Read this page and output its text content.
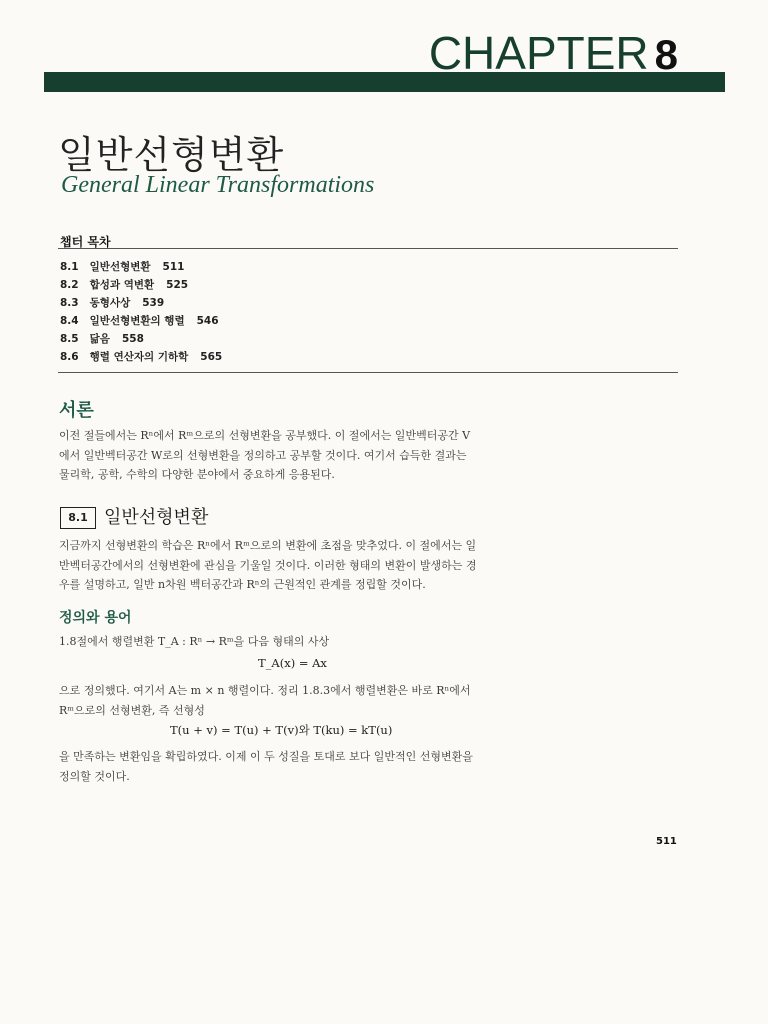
CHAPTER 8
일반선형변환
General Linear Transformations
챕터 목차
8.1 일반선형변환 511
8.2 합성과 역변환 525
8.3 동형사상 539
8.4 일반선형변환의 행렬 546
8.5 닮음 558
8.6 행렬 연산자의 기하학 565
서론

이전 절들에서는 Rⁿ에서 Rᵐ으로의 선형변환을 공부했다. 이 절에서는 일반벡터공간 V

에서 일반벡터공간 W로의 선형변환을 정의하고 공부할 것이다. 여기서 습득한 결과는

물리학, 공학, 수학의 다양한 분야에서 중요하게 응용된다.

8.1 일반선형변환

지금까지 선형변환의 학습은 Rⁿ에서 Rᵐ으로의 변환에 초점을 맞추었다. 이 절에서는 일

반벡터공간에서의 선형변환에 관심을 기울일 것이다. 이러한 형태의 변환이 발생하는 경

우를 설명하고, 일반 n차원 벡터공간과 Rⁿ의 근원적인 관계를 정립할 것이다.

정의와 용어

1.8절에서 행렬변환 T_A : Rⁿ → Rᵐ을 다음 형태의 사상

T_A(x) = Ax

으로 정의했다. 여기서 A는 m × n 행렬이다. 정리 1.8.3에서 행렬변환은 바로 Rⁿ에서

Rᵐ으로의 선형변환, 즉 선형성

T(u + v) = T(u) + T(v)와 T(ku) = kT(u)

을 만족하는 변환임을 확립하였다. 이제 이 두 성질을 토대로 보다 일반적인 선형변환을

정의할 것이다.

511
